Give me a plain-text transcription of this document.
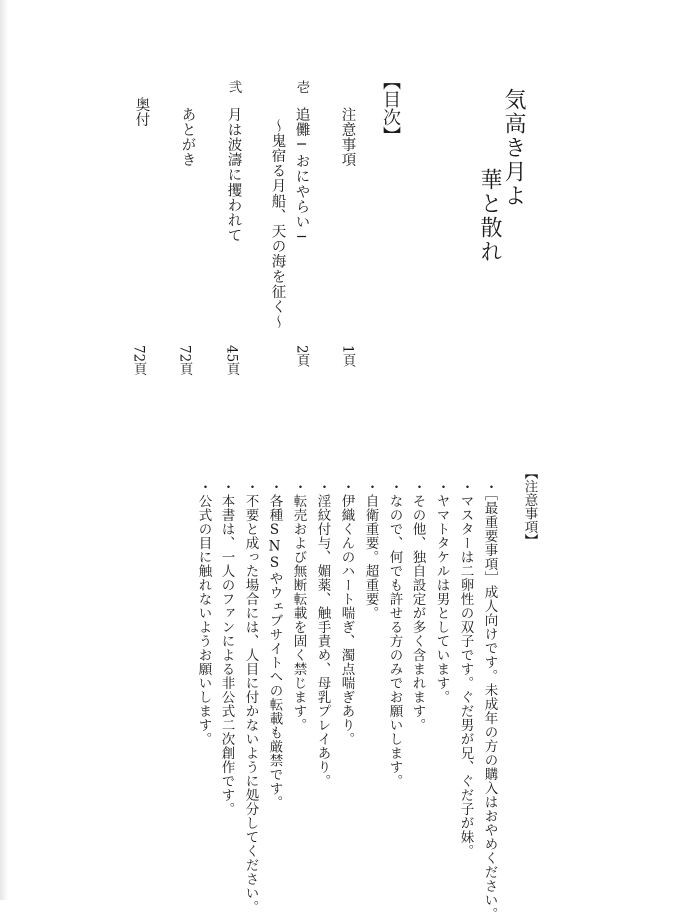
気高き月よ
華と散れ
【目次】
注意事項
1頁
壱
追儺─おにやらい─
2頁
〜鬼宿る月船、天の海を征く〜
弐
月は波濤に攫われて
45頁
あとがき
72頁
奥付
72頁
【注意事項】
・［最重要事項］成人向けです。未成年の方の購入はおやめください。
・マスターは二卵性の双子です。ぐだ男が兄、ぐだ子が妹。
・ヤマトタケルは男としています。
・その他、独自設定が多く含まれます。
・なので、何でも許せる方のみでお願いします。
・自衛重要。超重要。
・伊織くんのハート喘ぎ、濁点喘ぎあり。
・淫紋付与、媚薬、触手責め、母乳プレイあり。
・転売および無断転載を固く禁じます。
・各種SNSやウェブサイトへの転載も厳禁です。
・不要と成った場合には、人目に付かないように処分してください。
・本書は、一人のファンによる非公式二次創作です。
・公式の目に触れないようお願いします。
